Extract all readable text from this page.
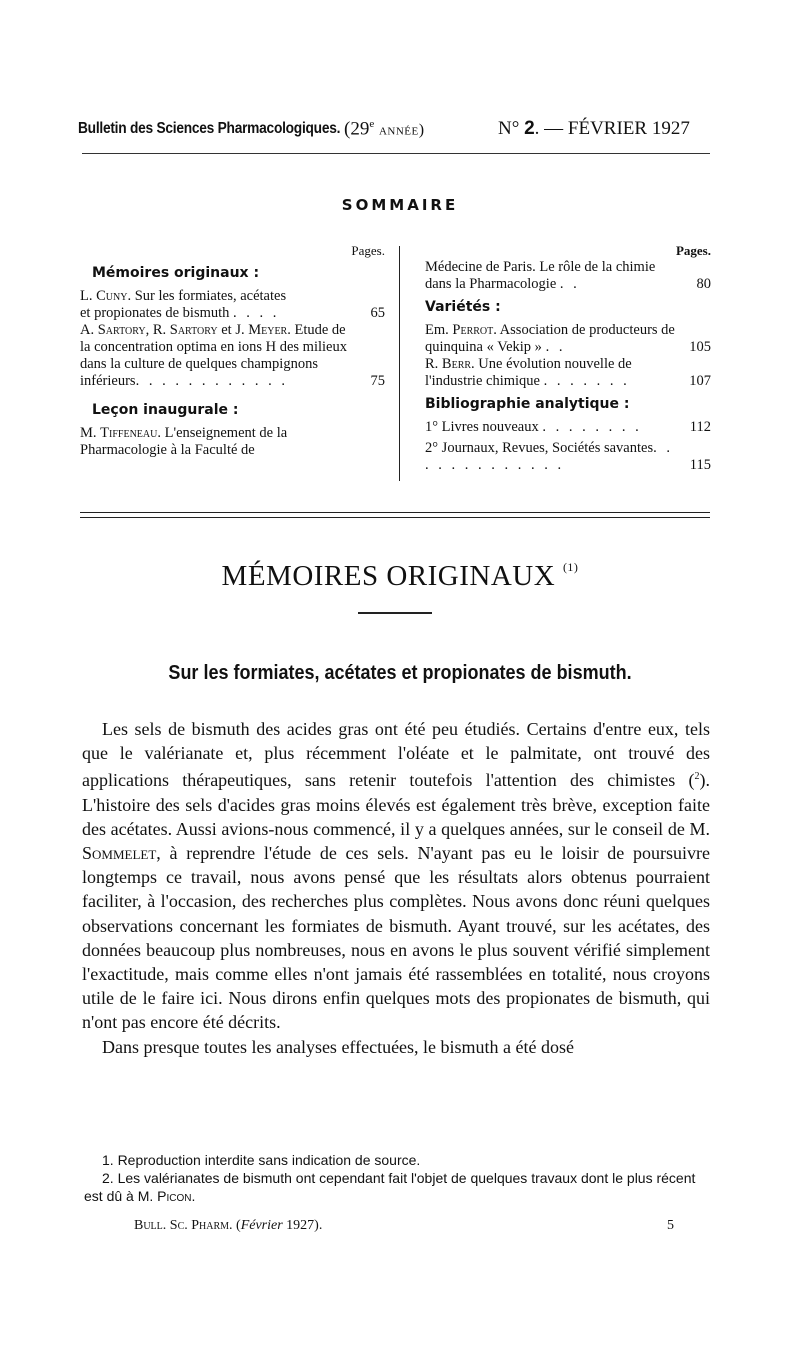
Bulletin des Sciences Pharmacologiques. (29e année)	N° 2. — FÉVRIER 1927
SOMMAIRE
Pages.
Mémoires originaux :
L. Cuny. Sur les formiates, acétates
et propionates de bismuth . . . .	65
A. Sartory, R. Sartory et J. Meyer. Etude de la concentration optima en ions H des milieux dans la culture de quelques champignons
inférieurs. . . . . . . . . . . .	75
Leçon inaugurale :
M. Tiffeneau. L'enseignement de la Pharmacologie à la Faculté de
Pages.
Médecine de Paris. Le rôle de la chimie dans la Pharmacologie . .	80
Variétés :
Em. Perrot. Association de producteurs de quinquina « Vekip » . .	105
R. Berr. Une évolution nouvelle de l'industrie chimique . . . . . . .	107
Bibliographie analytique :
1° Livres nouveaux . . . . . . . .	112
2° Journaux, Revues, Sociétés savantes. . . . . . . . . . . . .	115
MÉMOIRES ORIGINAUX $^{(1)}$
Sur les formiates, acétates et propionates de bismuth.

Les sels de bismuth des acides gras ont été peu étudiés. Certains d'entre eux, tels que le valérianate et, plus récemment l'oléate et le palmitate, ont trouvé des applications thérapeutiques, sans retenir toutefois l'attention des chimistes ($^2$). L'histoire des sels d'acides gras moins élevés est également très brève, exception faite des acétates. Aussi avions-nous commencé, il y a quelques années, sur le conseil de M. Sommelet, à reprendre l'étude de ces sels. N'ayant pas eu le loisir de poursuivre longtemps ce travail, nous avons pensé que les résultats alors obtenus pourraient faciliter, à l'occasion, des recherches plus complètes. Nous avons donc réuni quelques observations concernant les formiates de bismuth. Ayant trouvé, sur les acétates, des données beaucoup plus nombreuses, nous en avons le plus souvent vérifié simplement l'exactitude, mais comme elles n'ont jamais été rassemblées en totalité, nous croyons utile de le faire ici. Nous dirons enfin quelques mots des propionates de bismuth, qui n'ont pas encore été décrits.

Dans presque toutes les analyses effectuées, le bismuth a été dosé

1. Reproduction interdite sans indication de source.
2. Les valérianates de bismuth ont cependant fait l'objet de quelques travaux dont le plus récent est dû à M. Picon.
Bull. Sc. Pharm. (Février 1927).	5
